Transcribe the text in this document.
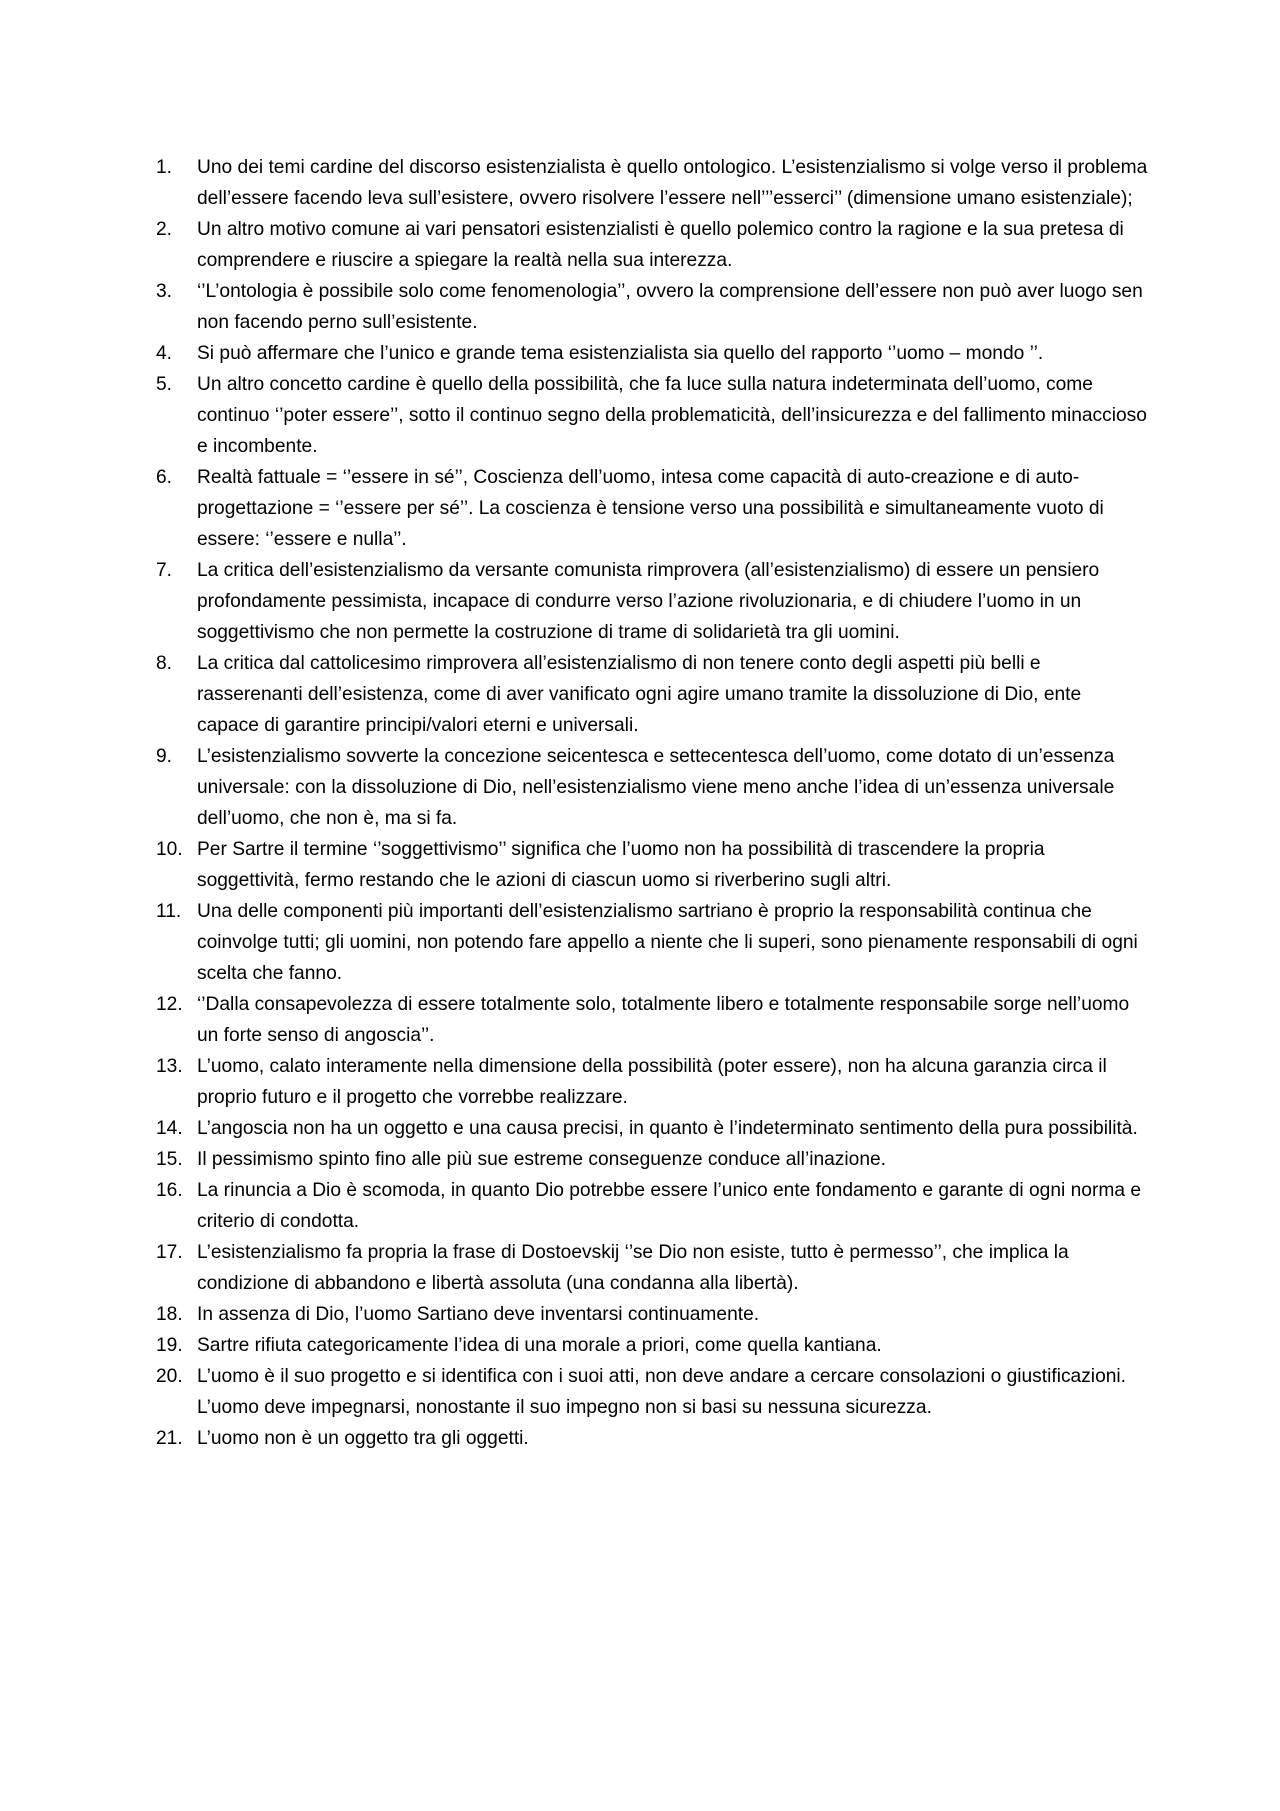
1.	Uno dei temi cardine del discorso esistenzialista è quello ontologico. L’esistenzialismo si volge verso il problema dell’essere facendo leva sull’esistere, ovvero risolvere l’essere nell’’’esserci’’ (dimensione umano esistenziale);
2.	Un altro motivo comune ai vari pensatori esistenzialisti è quello polemico contro la ragione e la sua pretesa di comprendere e riuscire a spiegare la realtà nella sua interezza.
3.	‘’L’ontologia è possibile solo come fenomenologia’’, ovvero la comprensione dell’essere non può aver luogo sen non facendo perno sull’esistente.
4.	Si può affermare che l’unico e grande tema esistenzialista sia quello del rapporto ‘’uomo – mondo ’’.
5.	Un altro concetto cardine è quello della possibilità, che fa luce sulla natura indeterminata dell’uomo, come continuo ‘’poter essere’’, sotto il continuo segno della problematicità, dell’insicurezza e del fallimento minaccioso e incombente.
6.	Realtà fattuale = ‘’essere in sé’’, Coscienza dell’uomo, intesa come capacità di auto-creazione e di auto-progettazione = ‘’essere per sé’’. La coscienza è tensione verso una possibilità e simultaneamente vuoto di essere: ‘’essere e nulla’’.
7.	La critica dell’esistenzialismo da versante comunista rimprovera (all’esistenzialismo) di essere un pensiero profondamente pessimista, incapace di condurre verso l’azione rivoluzionaria, e di chiudere l’uomo in un soggettivismo che non permette la costruzione di trame di solidarietà tra gli uomini.
8.	La critica dal cattolicesimo rimprovera all’esistenzialismo di non tenere conto degli aspetti più belli e rasserenanti dell’esistenza, come di aver vanificato ogni agire umano tramite la dissoluzione di Dio, ente capace di garantire principi/valori eterni e universali.
9.	L’esistenzialismo sovverte la concezione seicentesca e settecentesca dell’uomo, come dotato di un’essenza universale: con la dissoluzione di Dio, nell’esistenzialismo viene meno anche l’idea di un’essenza universale dell’uomo, che non è, ma si fa.
10. Per Sartre il termine ‘’soggettivismo’’ significa che l’uomo non ha possibilità di trascendere la propria soggettività, fermo restando che le azioni di ciascun uomo si riverberino sugli altri.
11. Una delle componenti più importanti dell’esistenzialismo sartriano è proprio la responsabilità continua che coinvolge tutti; gli uomini, non potendo fare appello a niente che li superi, sono pienamente responsabili di ogni scelta che fanno.
12. ‘’Dalla consapevolezza di essere totalmente solo, totalmente libero e totalmente responsabile sorge nell’uomo un forte senso di angoscia’’.
13. L’uomo, calato interamente nella dimensione della possibilità (poter essere), non ha alcuna garanzia circa il proprio futuro e il progetto che vorrebbe realizzare.
14. L’angoscia non ha un oggetto e una causa precisi, in quanto è l’indeterminato sentimento della pura possibilità.
15. Il pessimismo spinto fino alle più sue estreme conseguenze conduce all’inazione.
16. La rinuncia a Dio è scomoda, in quanto Dio potrebbe essere l’unico ente fondamento e garante di ogni norma e criterio di condotta.
17. L’esistenzialismo fa propria la frase di Dostoevskij ‘’se Dio non esiste, tutto è permesso’’, che implica la condizione di abbandono e libertà assoluta (una condanna alla libertà).
18. In assenza di Dio, l’uomo Sartiano deve inventarsi continuamente.
19. Sartre rifiuta categoricamente l’idea di una morale a priori, come quella kantiana.
20. L’uomo è il suo progetto e si identifica con i suoi atti, non deve andare a cercare consolazioni o giustificazioni. L’uomo deve impegnarsi, nonostante il suo impegno non si basi su nessuna sicurezza.
21. L’uomo non è un oggetto tra gli oggetti.
